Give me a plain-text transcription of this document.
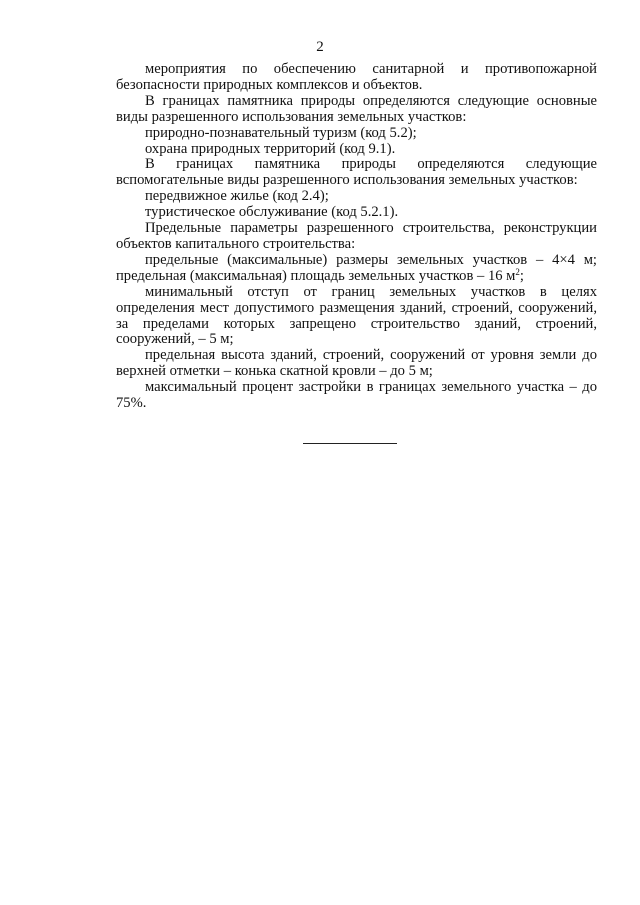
2

мероприятия по обеспечению санитарной и противопожарной безопасности природных комплексов и объектов.

В границах памятника природы определяются следующие основные виды разрешенного использования земельных участков:

природно-познавательный туризм (код 5.2);

охрана природных территорий (код 9.1).

В границах памятника природы определяются следующие вспомогательные виды разрешенного использования земельных участков:

передвижное жилье (код 2.4);

туристическое обслуживание (код 5.2.1).

Предельные параметры разрешенного строительства, реконструкции объектов капитального строительства:

предельные (максимальные) размеры земельных участков – 4×4 м; предельная (максимальная) площадь земельных участков – 16 $м^2$;

минимальный отступ от границ земельных участков в целях определения мест допустимого размещения зданий, строений, сооружений, за пределами которых запрещено строительство зданий, строений, сооружений, – 5 м;

предельная высота зданий, строений, сооружений от уровня земли до верхней отметки – конька скатной кровли – до 5 м;

максимальный процент застройки в границах земельного участка – до 75%.
